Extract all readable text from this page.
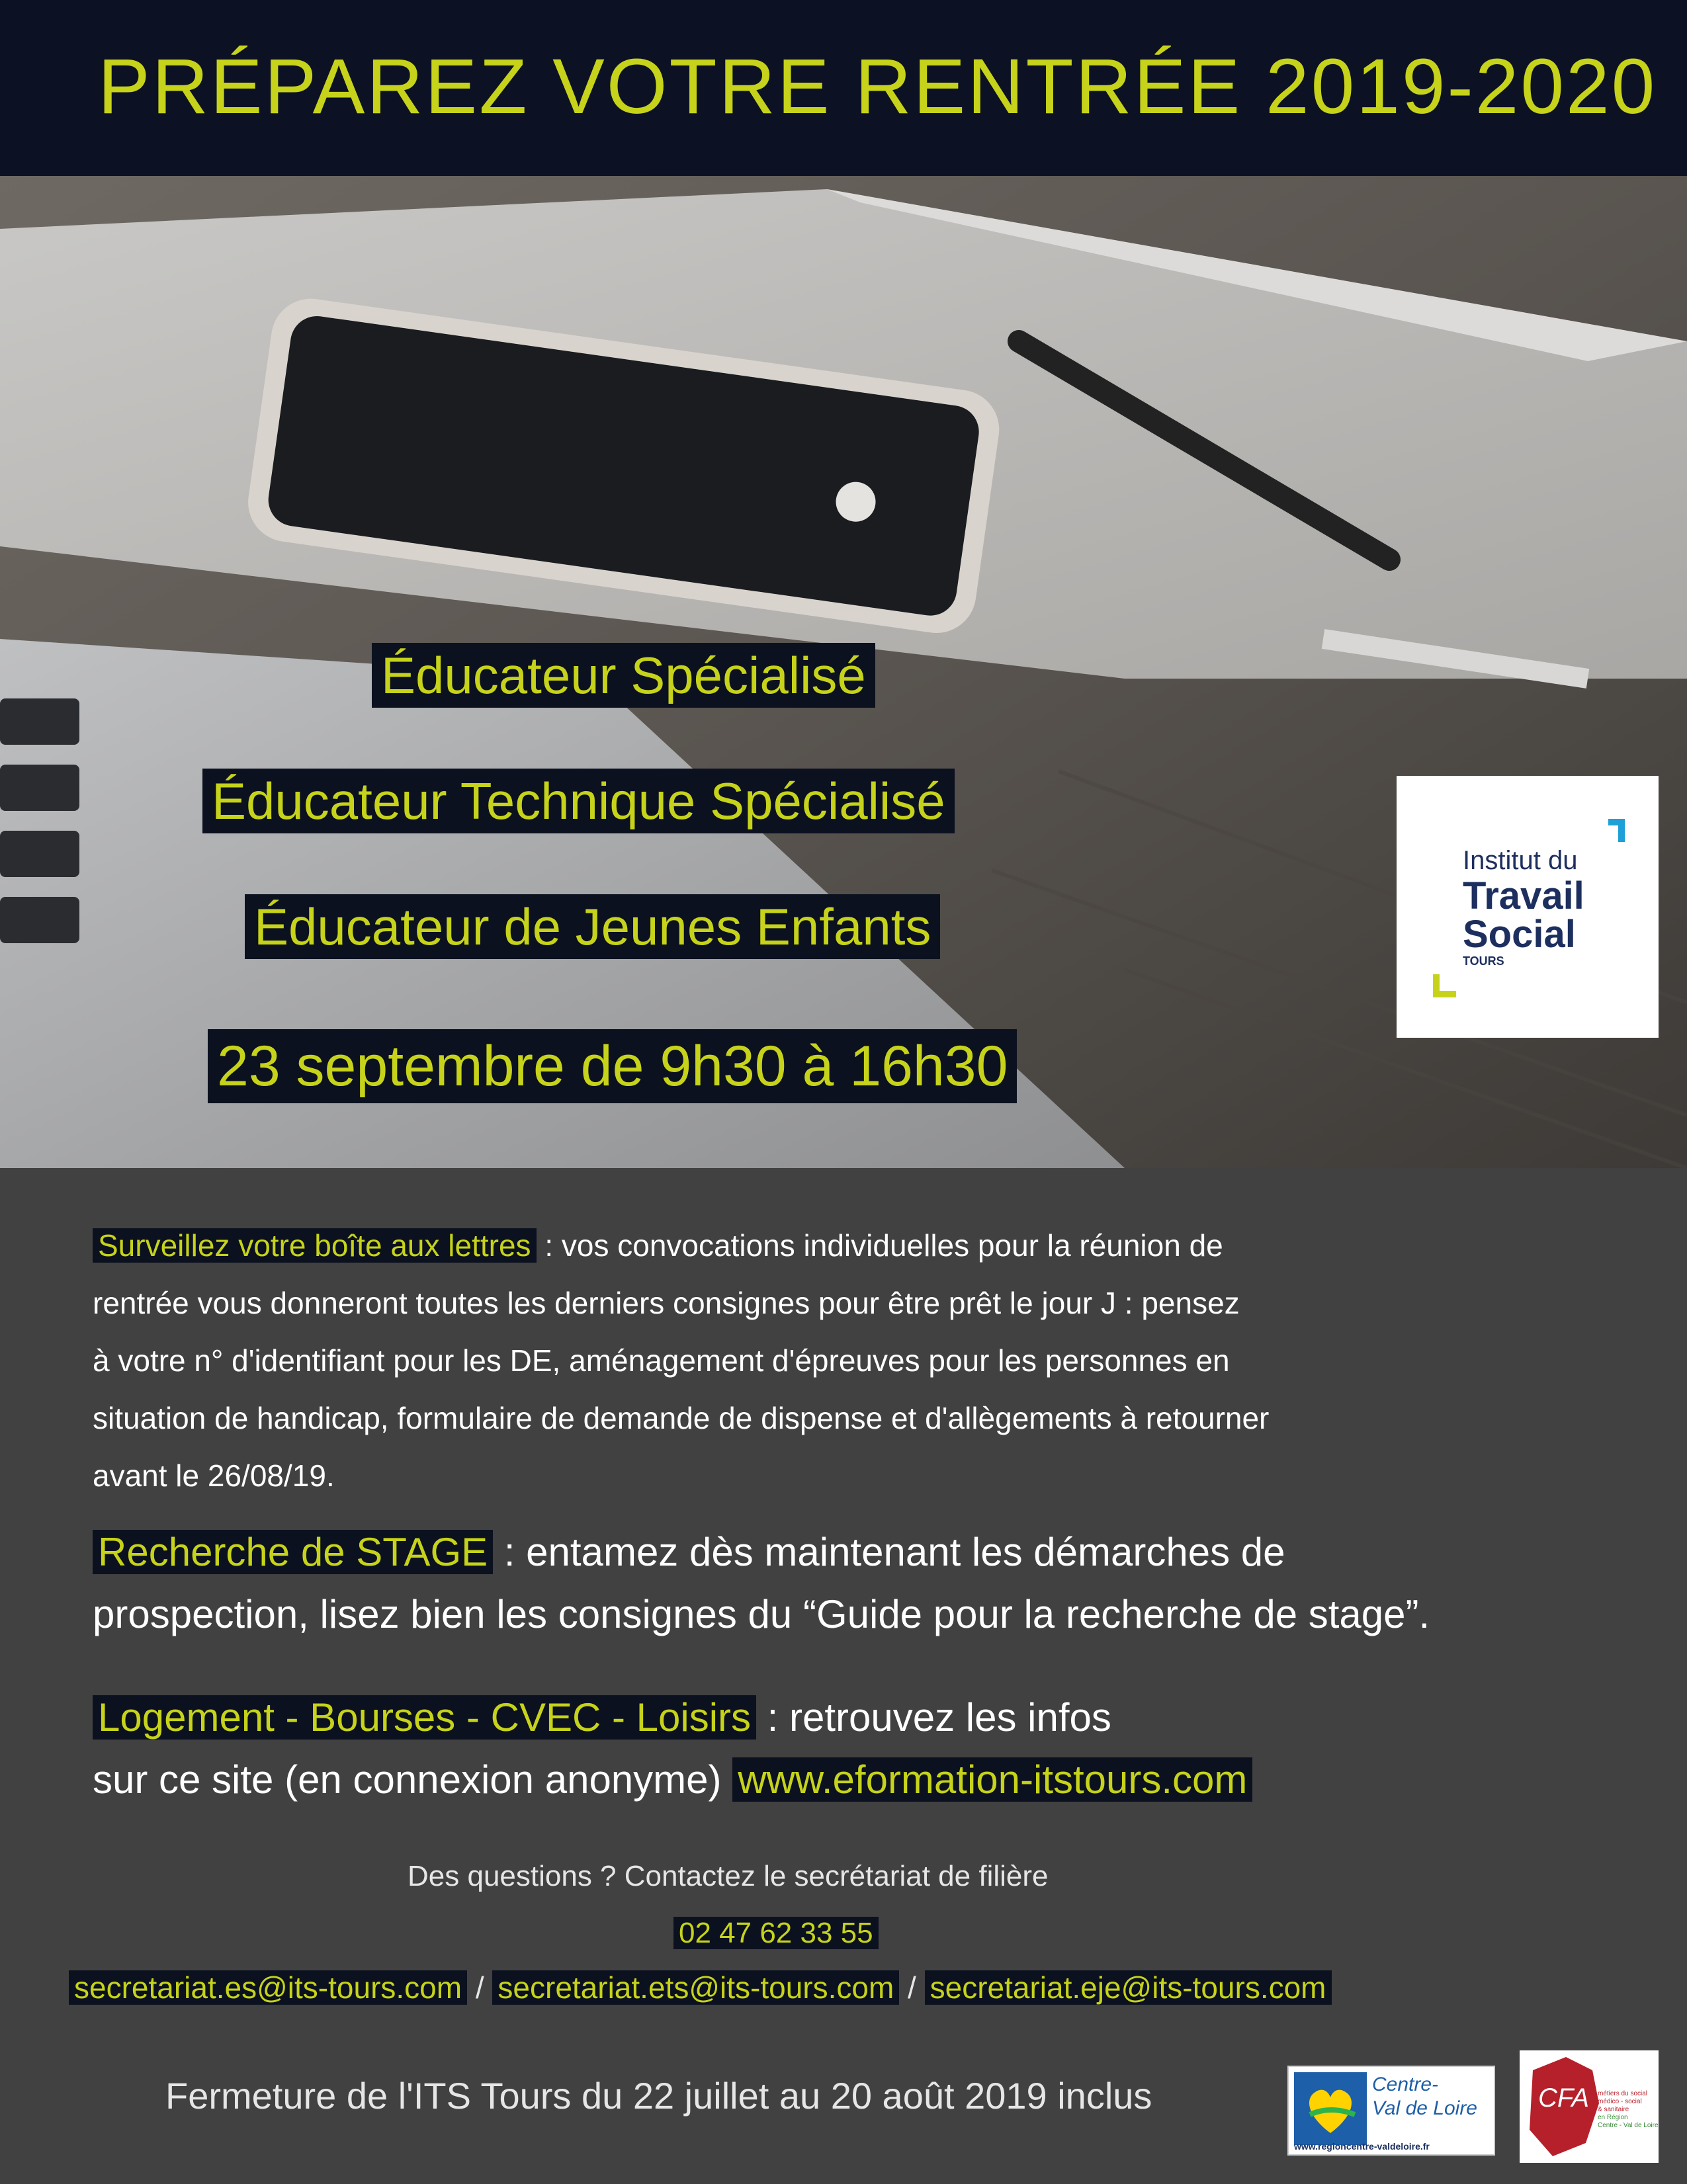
PRÉPAREZ VOTRE RENTRÉE 2019-2020
Éducateur Spécialisé
Éducateur Technique Spécialisé
Éducateur de Jeunes Enfants
23 septembre de 9h30 à 16h30
Institut du
Travail
Social
TOURS
Surveillez votre boîte aux lettres : vos convocations individuelles pour la réunion de
rentrée vous donneront toutes les derniers consignes pour être prêt le jour J : pensez
à votre n° d'identifiant pour les DE, aménagement d'épreuves pour les personnes en
situation de handicap, formulaire de demande de dispense et d'allègements à retourner
avant le 26/08/19.
Recherche de STAGE : entamez dès maintenant les démarches de
prospection, lisez bien les consignes du “Guide pour la recherche de stage”.
Logement - Bourses - CVEC - Loisirs : retrouvez les infos
sur ce site (en connexion anonyme) www.eformation-itstours.com
Des questions ? Contactez le secrétariat de filière
02 47 62 33 55
secretariat.es@its-tours.com / secretariat.ets@its-tours.com / secretariat.eje@its-tours.com
Fermeture de l'ITS Tours du 22 juillet au 20 août 2019 inclus	Centre-
Val de Loire
www.regioncentre-valdeloire.fr
CFA métiers du social
médico - social
& sanitaire
en Région
Centre - Val de Loire
